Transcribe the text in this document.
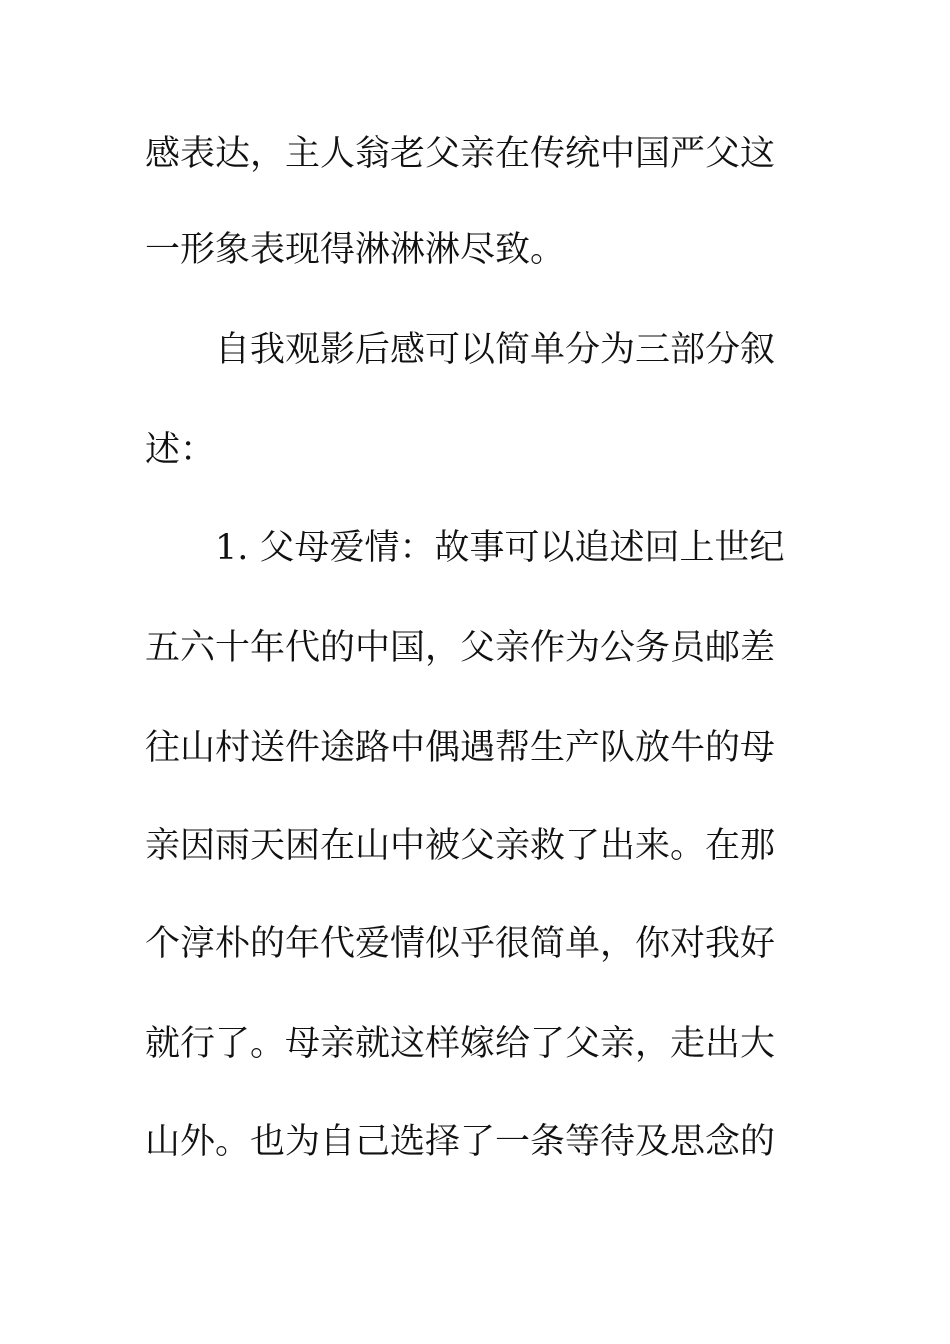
感表达，主人翁老父亲在传统中国严父这
一形象表现得淋淋淋尽致。
自我观影后感可以简单分为三部分叙
述：
1. 父母爱情：故事可以追述回上世纪
五六十年代的中国，父亲作为公务员邮差
往山村送件途路中偶遇帮生产队放牛的母
亲因雨天困在山中被父亲救了出来。在那
个淳朴的年代爱情似乎很简单，你对我好
就行了。母亲就这样嫁给了父亲，走出大
山外。也为自己选择了一条等待及思念的
